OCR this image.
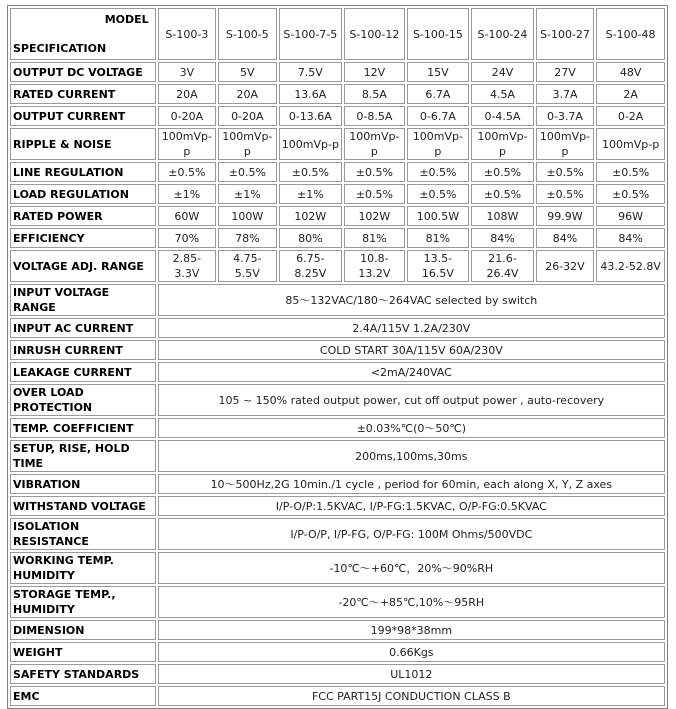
MODEL
SPECIFICATION	S-100-3	S-100-5	S-100-7-5	S-100-12	S-100-15	S-100-24	S-100-27	S-100-48
OUTPUT DC VOLTAGE	3V	5V	7.5V	12V	15V	24V	27V	48V
RATED CURRENT	20A	20A	13.6A	8.5A	6.7A	4.5A	3.7A	2A
OUTPUT CURRENT	0-20A	0-20A	0-13.6A	0-8.5A	0-6.7A	0-4.5A	0-3.7A	0-2A
RIPPLE & NOISE	100mVp-p	100mVp-p	100mVp-p	100mVp-p	100mVp-p	100mVp-p	100mVp-p	100mVp-p
LINE REGULATION	±0.5%	±0.5%	±0.5%	±0.5%	±0.5%	±0.5%	±0.5%	±0.5%
LOAD REGULATION	±1%	±1%	±1%	±0.5%	±0.5%	±0.5%	±0.5%	±0.5%
RATED POWER	60W	100W	102W	102W	100.5W	108W	99.9W	96W
EFFICIENCY	70%	78%	80%	81%	81%	84%	84%	84%
VOLTAGE ADJ. RANGE	2.85-3.3V	4.75-5.5V	6.75-8.25V	10.8-13.2V	13.5-16.5V	21.6-26.4V	26-32V	43.2-52.8V
INPUT VOLTAGE RANGE	85～132VAC/180～264VAC selected by switch							
INPUT AC CURRENT	2.4A/115V 1.2A/230V							
INRUSH CURRENT	COLD START 30A/115V 60A/230V							
LEAKAGE CURRENT	<2mA/240VAC							
OVER LOAD PROTECTION	105 ~ 150% rated output power, cut off output power , auto-recovery							
TEMP. COEFFICIENT	±0.03%℃(0～50℃)							
SETUP, RISE, HOLD TIME	200ms,100ms,30ms							
VIBRATION	10～500Hz,2G 10min./1 cycle , period for 60min, each along X, Y, Z axes							
WITHSTAND VOLTAGE	I/P-O/P:1.5KVAC, I/P-FG:1.5KVAC, O/P-FG:0.5KVAC							
ISOLATION RESISTANCE	I/P-O/P, I/P-FG, O/P-FG: 100M Ohms/500VDC							
WORKING TEMP. HUMIDITY	-10℃～+60℃，20%～90%RH							
STORAGE TEMP., HUMIDITY	-20℃～+85℃,10%～95RH							
DIMENSION	199*98*38mm							
WEIGHT	0.66Kgs							
SAFETY STANDARDS	UL1012							
EMC	FCC PART15J CONDUCTION CLASS B							
